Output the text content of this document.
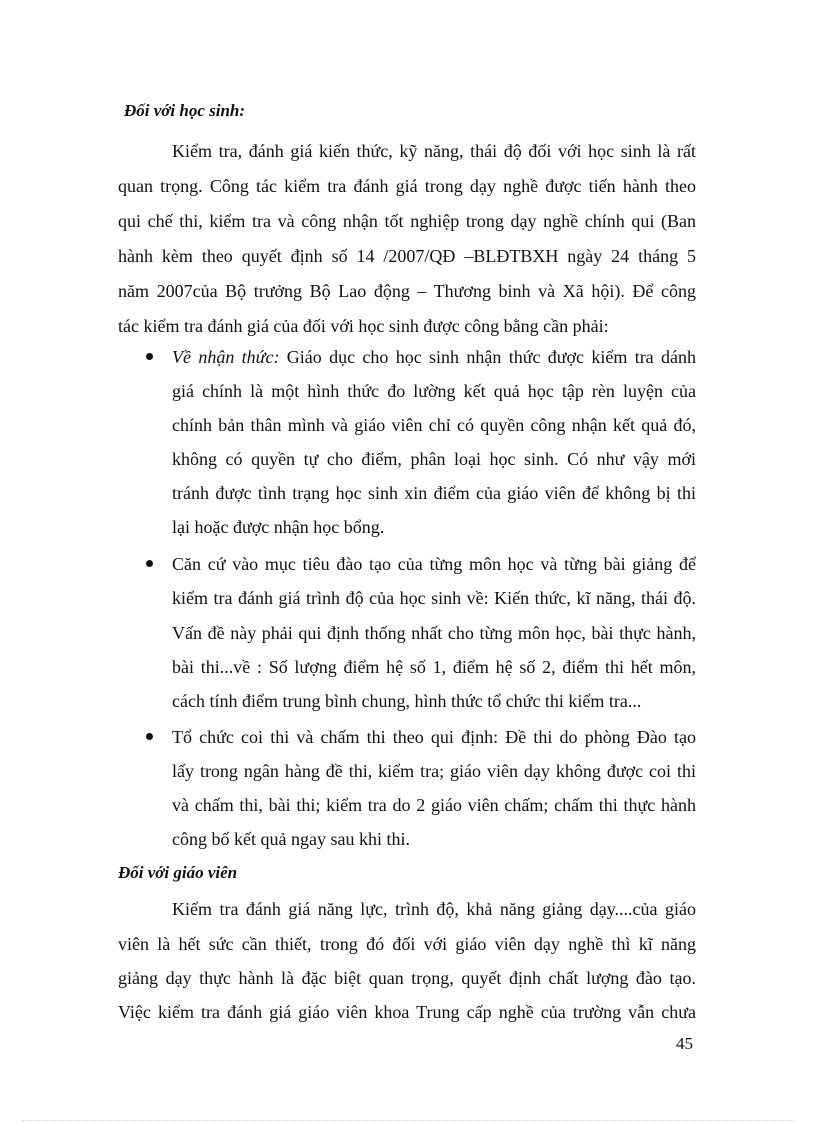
Đối với học sinh:

Kiểm tra, đánh giá kiến thức, kỹ năng, thái độ đối với học sinh là rất

quan trọng. Công tác kiểm tra đánh giá trong dạy nghề được tiến hành theo

qui chế thi, kiểm tra và công nhận tốt nghiệp trong dạy nghề chính qui (Ban

hành kèm theo quyết định số 14 /2007/QĐ –BLĐTBXH ngày 24 tháng 5

năm 2007của Bộ trưởng Bộ Lao động – Thương binh và Xã hội). Để công

tác kiểm tra đánh giá của đối với học sinh được công bằng cần phải:

Về nhận thức: Giáo dục cho học sinh nhận thức được kiểm tra dánh

giá chính là một hình thức đo lường kết quả học tập rèn luyện của

chính bản thân mình và giáo viên chỉ có quyền công nhận kết quả đó,

không có quyền tự cho điểm, phân loại học sinh. Có như vậy mới

tránh được tình trạng học sinh xin điểm của giáo viên để không bị thi

lại hoặc được nhận học bổng.

Căn cứ vào mục tiêu đào tạo của từng môn học và từng bài giảng để

kiểm tra đánh giá trình độ của học sinh về: Kiến thức, kĩ năng, thái độ.

Vấn đề này phải qui định thống nhất cho từng môn học, bài thực hành,

bài thi...về : Số lượng điểm hệ số 1, điểm hệ số 2, điểm thi hết môn,

cách tính điểm trung bình chung, hình thức tổ chức thi kiểm tra...

Tổ chức coi thi và chấm thi theo qui định: Đề thi do phòng Đào tạo

lấy trong ngân hàng đề thi, kiểm tra; giáo viên dạy không được coi thi

và chấm thi, bài thi; kiểm tra do 2 giáo viên chấm; chấm thi thực hành

công bố kết quả ngay sau khi thi.

Đối với giáo viên

Kiểm tra đánh giá năng lực, trình độ, khả năng giảng dạy....của giáo

viên là hết sức cần thiết, trong đó đối với giáo viên dạy nghề thì kĩ năng

giảng dạy thực hành là đặc biệt quan trọng, quyết định chất lượng đào tạo.

Việc kiểm tra đánh giá giáo viên khoa Trung cấp nghề của trường vẫn chưa

45
